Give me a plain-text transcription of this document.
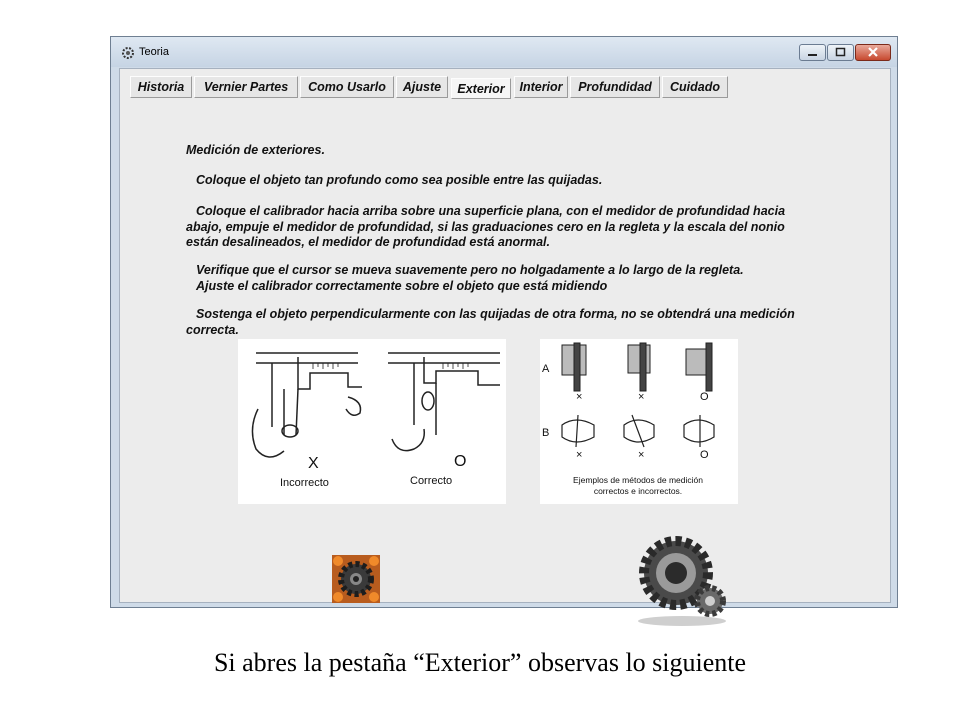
Teoria
Historia	Vernier Partes	Como Usarlo	Ajuste	Exterior	Interior	Profundidad	Cuidado

Medición de exteriores.

Coloque el objeto tan profundo como sea posible entre las quijadas.

Coloque el calibrador hacia arriba sobre una superficie plana, con el medidor de profundidad hacia abajo, empuje el medidor de profundidad, si las graduaciones cero en la regleta y la escala del nonio están desalineados, el medidor de profundidad está anormal.

Verifique que el cursor se mueva suavemente pero no holgadamente a lo largo de la regleta.
Ajuste el calibrador correctamente sobre el objeto que está midiendo

Sostenga el objeto perpendicularmente con las quijadas de otra forma, no se obtendrá una medición correcta.

X
Incorrecto
O
Correcto
A
B
×	×	O
×	×	O
Ejemplos de métodos de medición correctos e incorrectos.
Si abres la pestaña “Exterior” observas lo siguiente
